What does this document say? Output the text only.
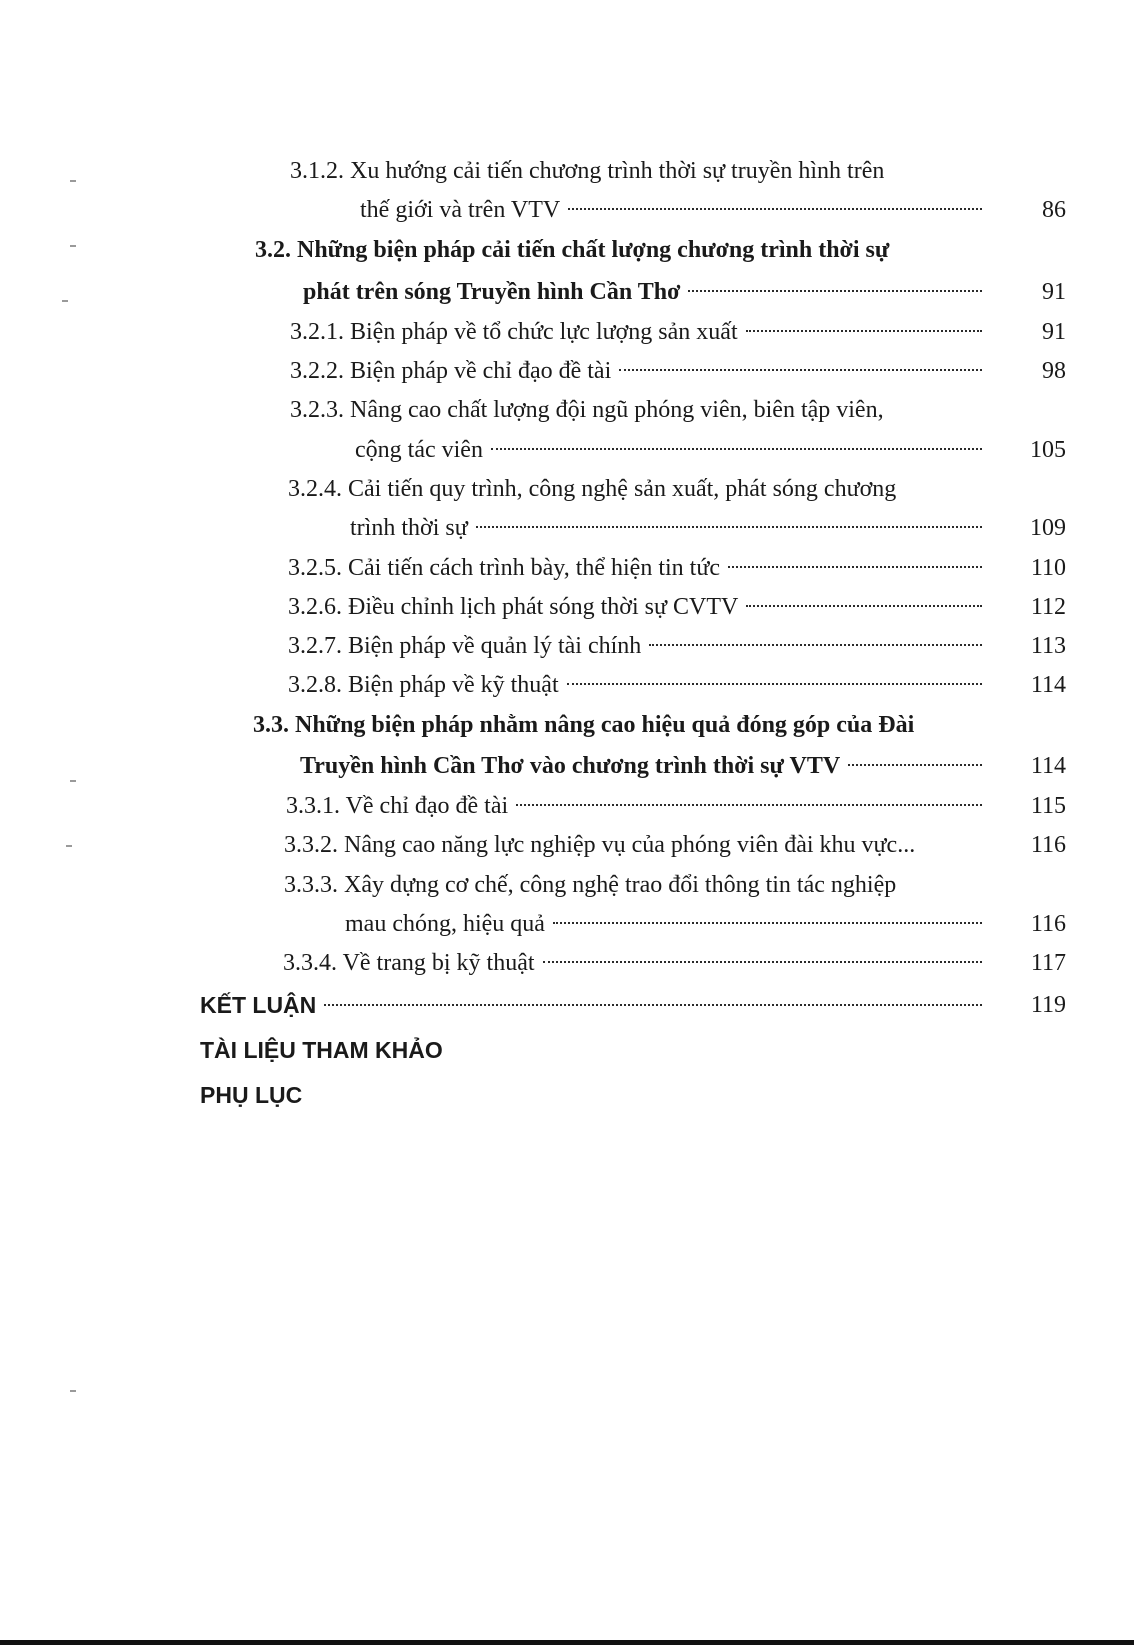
3.1.2. Xu hướng cải tiến chương trình thời sự truyền hình trên
thế giới và trên VTV	86
3.2. Những biện pháp cải tiến chất lượng chương trình thời sự
phát trên sóng Truyền hình Cần Thơ	91
3.2.1. Biện pháp về tổ chức lực lượng sản xuất	91
3.2.2. Biện pháp về chỉ đạo đề tài	98
3.2.3. Nâng cao chất lượng đội ngũ phóng viên, biên tập viên,
cộng tác viên	105
3.2.4. Cải tiến quy trình, công nghệ sản xuất, phát sóng chương
trình thời sự	109
3.2.5. Cải tiến cách trình bày, thể hiện tin tức	110
3.2.6. Điều chỉnh lịch phát sóng thời sự CVTV	112
3.2.7. Biện pháp về quản lý tài chính	113
3.2.8. Biện pháp về kỹ thuật	114
3.3. Những biện pháp nhằm nâng cao hiệu quả đóng góp của Đài
Truyền hình Cần Thơ vào chương trình thời sự VTV	114
3.3.1. Về chỉ đạo đề tài	115
3.3.2. Nâng cao năng lực nghiệp vụ của phóng viên đài khu vực...	116
3.3.3. Xây dựng cơ chế, công nghệ trao đổi thông tin tác nghiệp
mau chóng, hiệu quả	116
3.3.4. Về trang bị kỹ thuật	117
KẾT LUẬN	119
TÀI LIỆU THAM KHẢO
PHỤ LỤC
